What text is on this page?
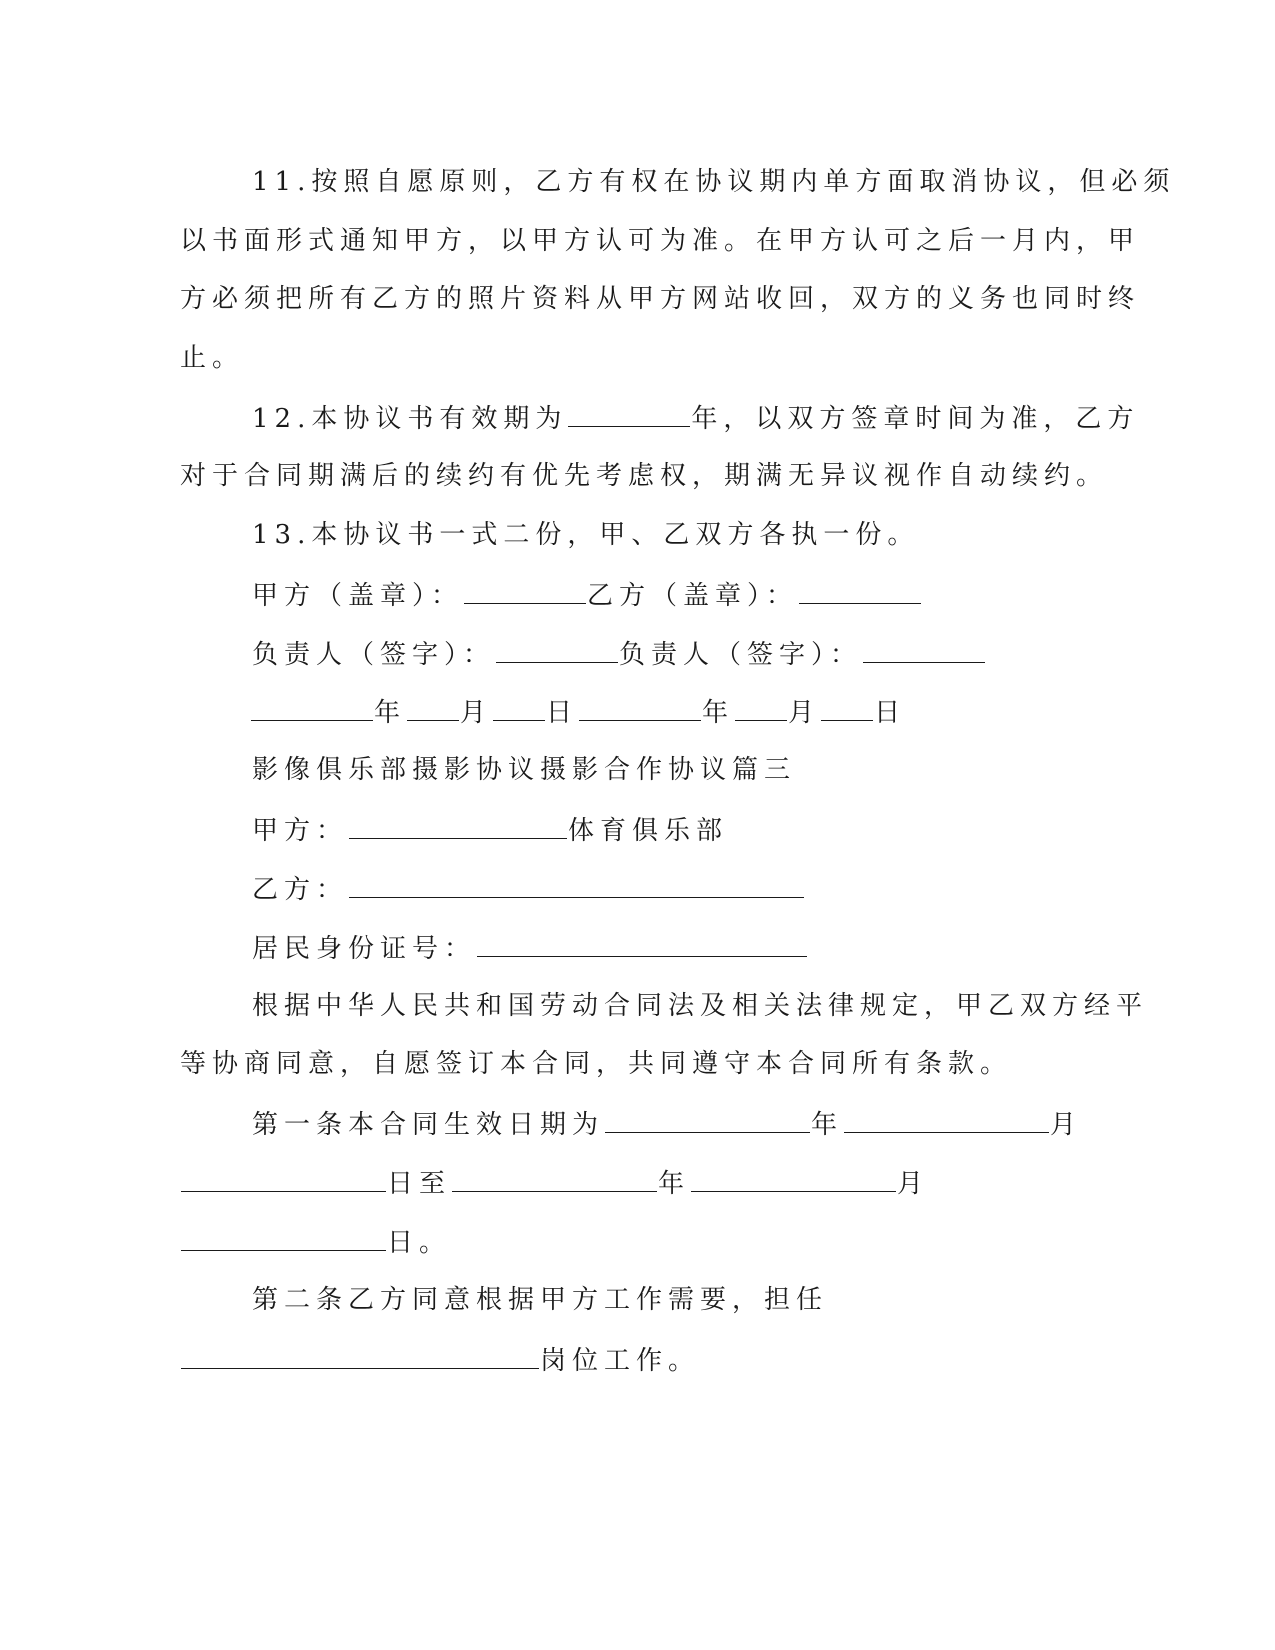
11.按照自愿原则，乙方有权在协议期内单方面取消协议，但必须
以书面形式通知甲方，以甲方认可为准。在甲方认可之后一月内，甲
方必须把所有乙方的照片资料从甲方网站收回，双方的义务也同时终
止。
12.本协议书有效期为	年，以双方签章时间为准，乙方
对于合同期满后的续约有优先考虑权，期满无异议视作自动续约。
13.本协议书一式二份，甲、乙双方各执一份。
甲方（盖章）：	乙方（盖章）：
负责人（签字）：	负责人（签字）：
年 月 日	年 月 日
影像俱乐部摄影协议摄影合作协议篇三
甲方：	体育俱乐部
乙方：
居民身份证号：
根据中华人民共和国劳动合同法及相关法律规定，甲乙双方经平
等协商同意，自愿签订本合同，共同遵守本合同所有条款。
第一条本合同生效日期为	年	月
日至	年	月
日。
第二条乙方同意根据甲方工作需要，担任
岗位工作。
